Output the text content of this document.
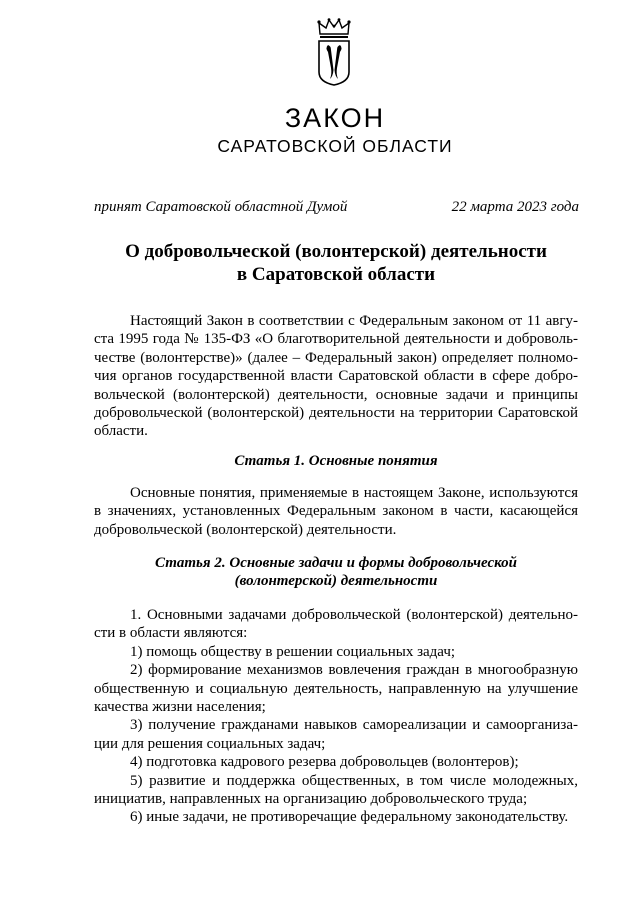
ЗАКОН
САРАТОВСКОЙ ОБЛАСТИ
принят Саратовской областной Думой	22 марта 2023 года
О добровольческой (волонтерской) деятельности
в Саратовской области
Настоящий Закон в соответствии с Федеральным законом от 11 авгу-
ста 1995 года № 135-ФЗ «О благотворительной деятельности и доброволь-
честве (волонтерстве)» (далее – Федеральный закон) определяет полномо-
чия органов государственной власти Саратовской области в сфере добро-
вольческой (волонтерской) деятельности, основные задачи и принципы
добровольческой (волонтерской) деятельности на территории Саратовской
области.
Статья 1. Основные понятия
Основные понятия, применяемые в настоящем Законе, используются
в значениях, установленных Федеральным законом в части, касающейся
добровольческой (волонтерской) деятельности.
Статья 2. Основные задачи и формы добровольческой
(волонтерской) деятельности
1. Основными задачами добровольческой (волонтерской) деятельно-
сти в области являются:
1) помощь обществу в решении социальных задач;
2) формирование механизмов вовлечения граждан в многообразную
общественную и социальную деятельность, направленную на улучшение
качества жизни населения;
3) получение гражданами навыков самореализации и самоорганиза-
ции для решения социальных задач;
4) подготовка кадрового резерва добровольцев (волонтеров);
5) развитие и поддержка общественных, в том числе молодежных,
инициатив, направленных на организацию добровольческого труда;
6) иные задачи, не противоречащие федеральному законодательству.
